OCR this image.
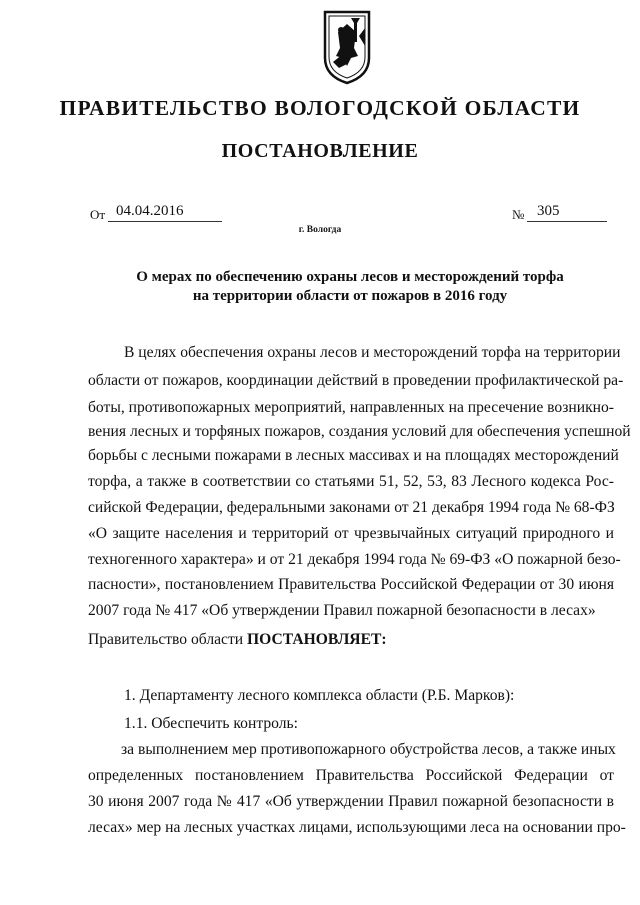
ПРАВИТЕЛЬСТВО ВОЛОГОДСКОЙ ОБЛАСТИ
ПОСТАНОВЛЕНИЕ
От 04.04.2016	№ 305
г. Вологда
О мерах по обеспечению охраны лесов и месторождений торфа
на территории области от пожаров в 2016 году
В целях обеспечения охраны лесов и месторождений торфа на территории
области от пожаров, координации действий в проведении профилактической ра-
боты, противопожарных мероприятий, направленных на пресечение возникно-
вения лесных и торфяных пожаров, создания условий для обеспечения успешной
борьбы с лесными пожарами в лесных массивах и на площадях месторождений
торфа, а также в соответствии со статьями 51, 52, 53, 83 Лесного кодекса Рос-
сийской Федерации, федеральными законами от 21 декабря 1994 года № 68-ФЗ
«О защите населения и территорий от чрезвычайных ситуаций природного и
техногенного характера» и от 21 декабря 1994 года № 69-ФЗ «О пожарной безо-
пасности», постановлением Правительства Российской Федерации от 30 июня
2007 года № 417 «Об утверждении Правил пожарной безопасности в лесах»
Правительство области ПОСТАНОВЛЯЕТ:
1. Департаменту лесного комплекса области (Р.Б. Марков):
1.1. Обеспечить контроль:
за выполнением мер противопожарного обустройства лесов, а также иных
определенных постановлением Правительства Российской Федерации от
30 июня 2007 года № 417 «Об утверждении Правил пожарной безопасности в
лесах» мер на лесных участках лицами, использующими леса на основании про-
